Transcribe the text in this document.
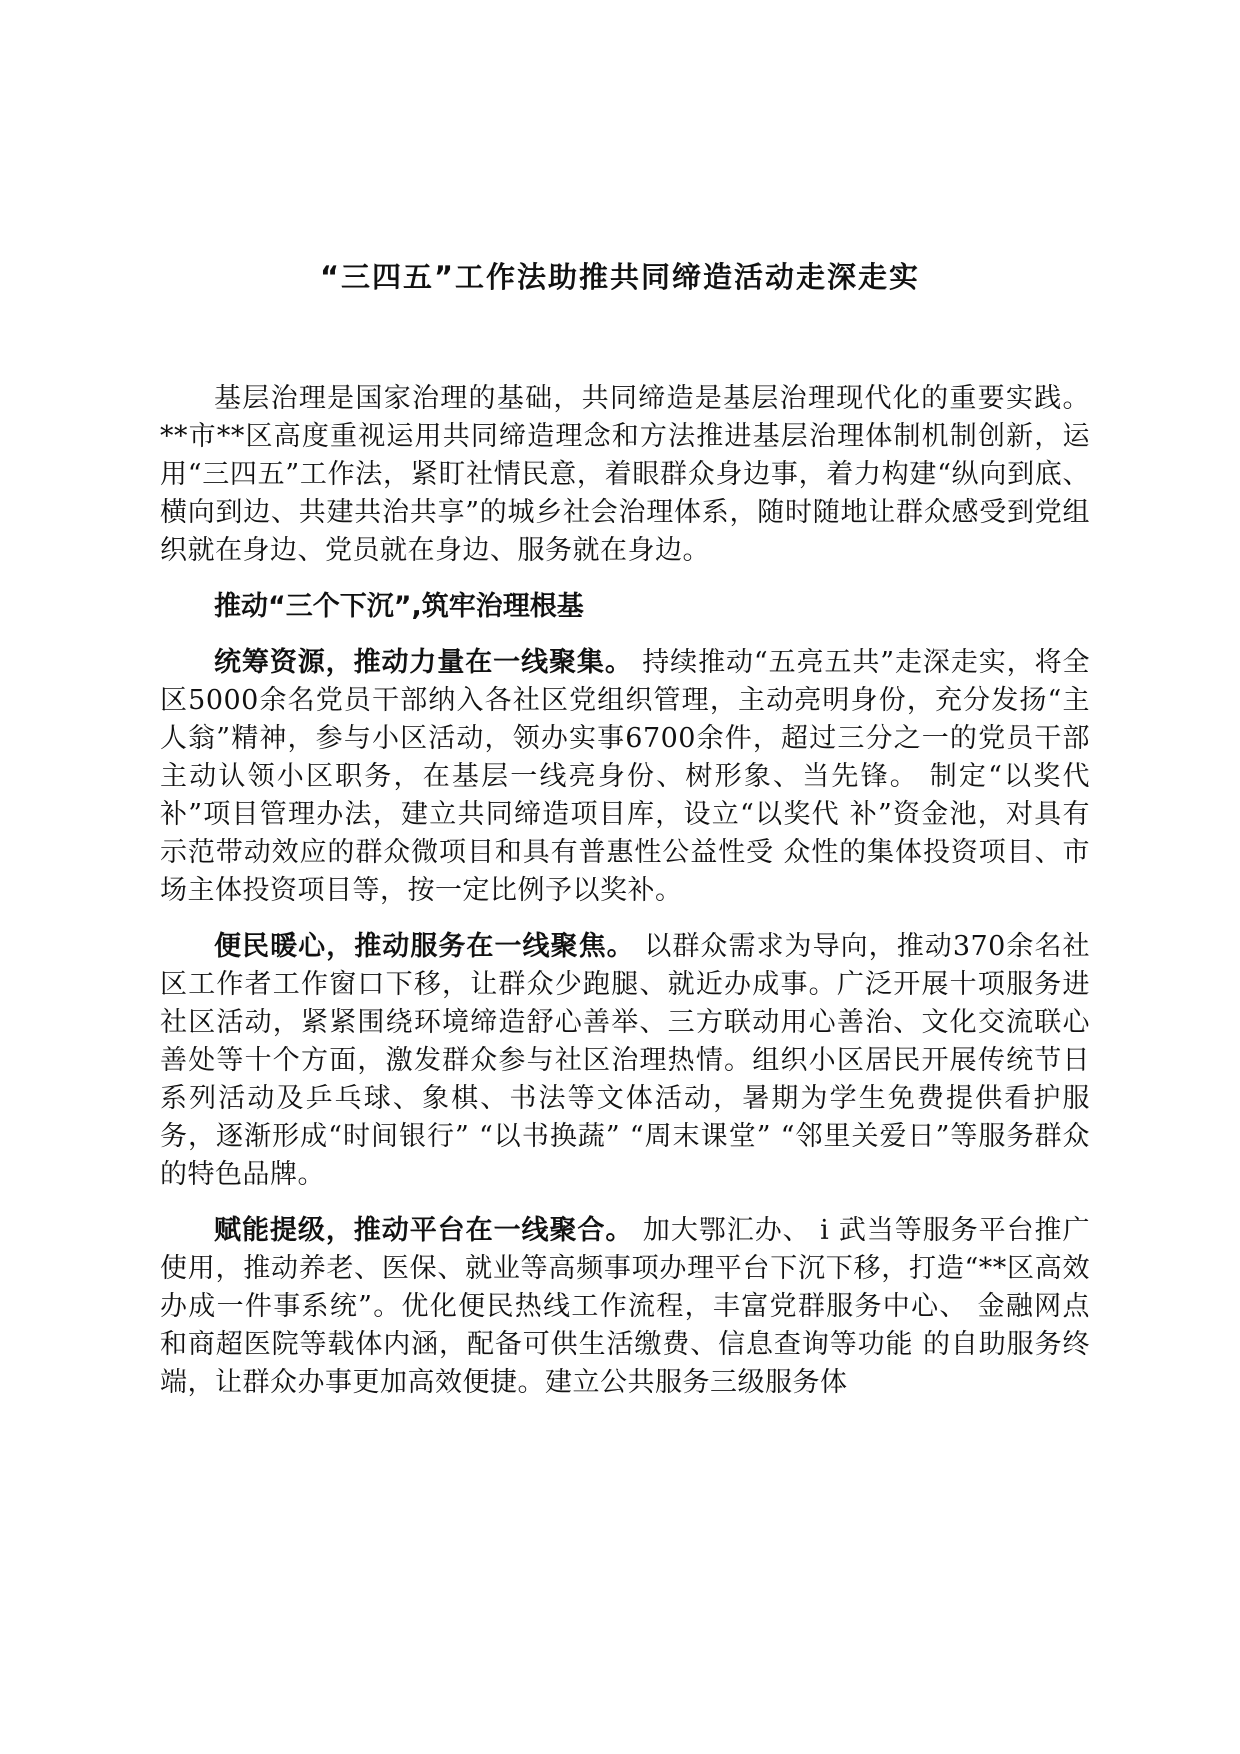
“三四五”工作法助推共同缔造活动走深走实

基层治理是国家治理的基础，共同缔造是基层治理现代化的重要实践。**市**区高度重视运用共同缔造理念和方法推进基层治理体制机制创新，运用“三四五”工作法，紧盯社情民意，着眼群众身边事，着力构建“纵向到底、横向到边、共建共治共享”的城乡社会治理体系，随时随地让群众感受到党组织就在身边、党员就在身边、服务就在身边。

推动“三个下沉”,筑牢治理根基

统筹资源，推动力量在一线聚集。 持续推动“五亮五共”走深走实，将全区5000余名党员干部纳入各社区党组织管理，主动亮明身份，充分发扬“主人翁”精神，参与小区活动，领办实事6700余件，超过三分之一的党员干部主动认领小区职务，在基层一线亮身份、树形象、当先锋。 制定“以奖代补”项目管理办法，建立共同缔造项目库，设立“以奖代 补”资金池，对具有示范带动效应的群众微项目和具有普惠性公益性受 众性的集体投资项目、市场主体投资项目等，按一定比例予以奖补。

便民暖心，推动服务在一线聚焦。 以群众需求为导向，推动370余名社区工作者工作窗口下移，让群众少跑腿、就近办成事。广泛开展十项服务进社区活动，紧紧围绕环境缔造舒心善举、三方联动用心善治、文化交流联心善处等十个方面，激发群众参与社区治理热情。组织小区居民开展传统节日系列活动及乒乓球、象棋、书法等文体活动，暑期为学生免费提供看护服务，逐渐形成“时间银行” “以书换蔬” “周末课堂” “邻里关爱日”等服务群众的特色品牌。

赋能提级，推动平台在一线聚合。 加大鄂汇办、 i 武当等服务平台推广使用，推动养老、医保、就业等高频事项办理平台下沉下移，打造“**区高效办成一件事系统”。优化便民热线工作流程，丰富党群服务中心、 金融网点和商超医院等载体内涵，配备可供生活缴费、信息查询等功能 的自助服务终端，让群众办事更加高效便捷。建立公共服务三级服务体
